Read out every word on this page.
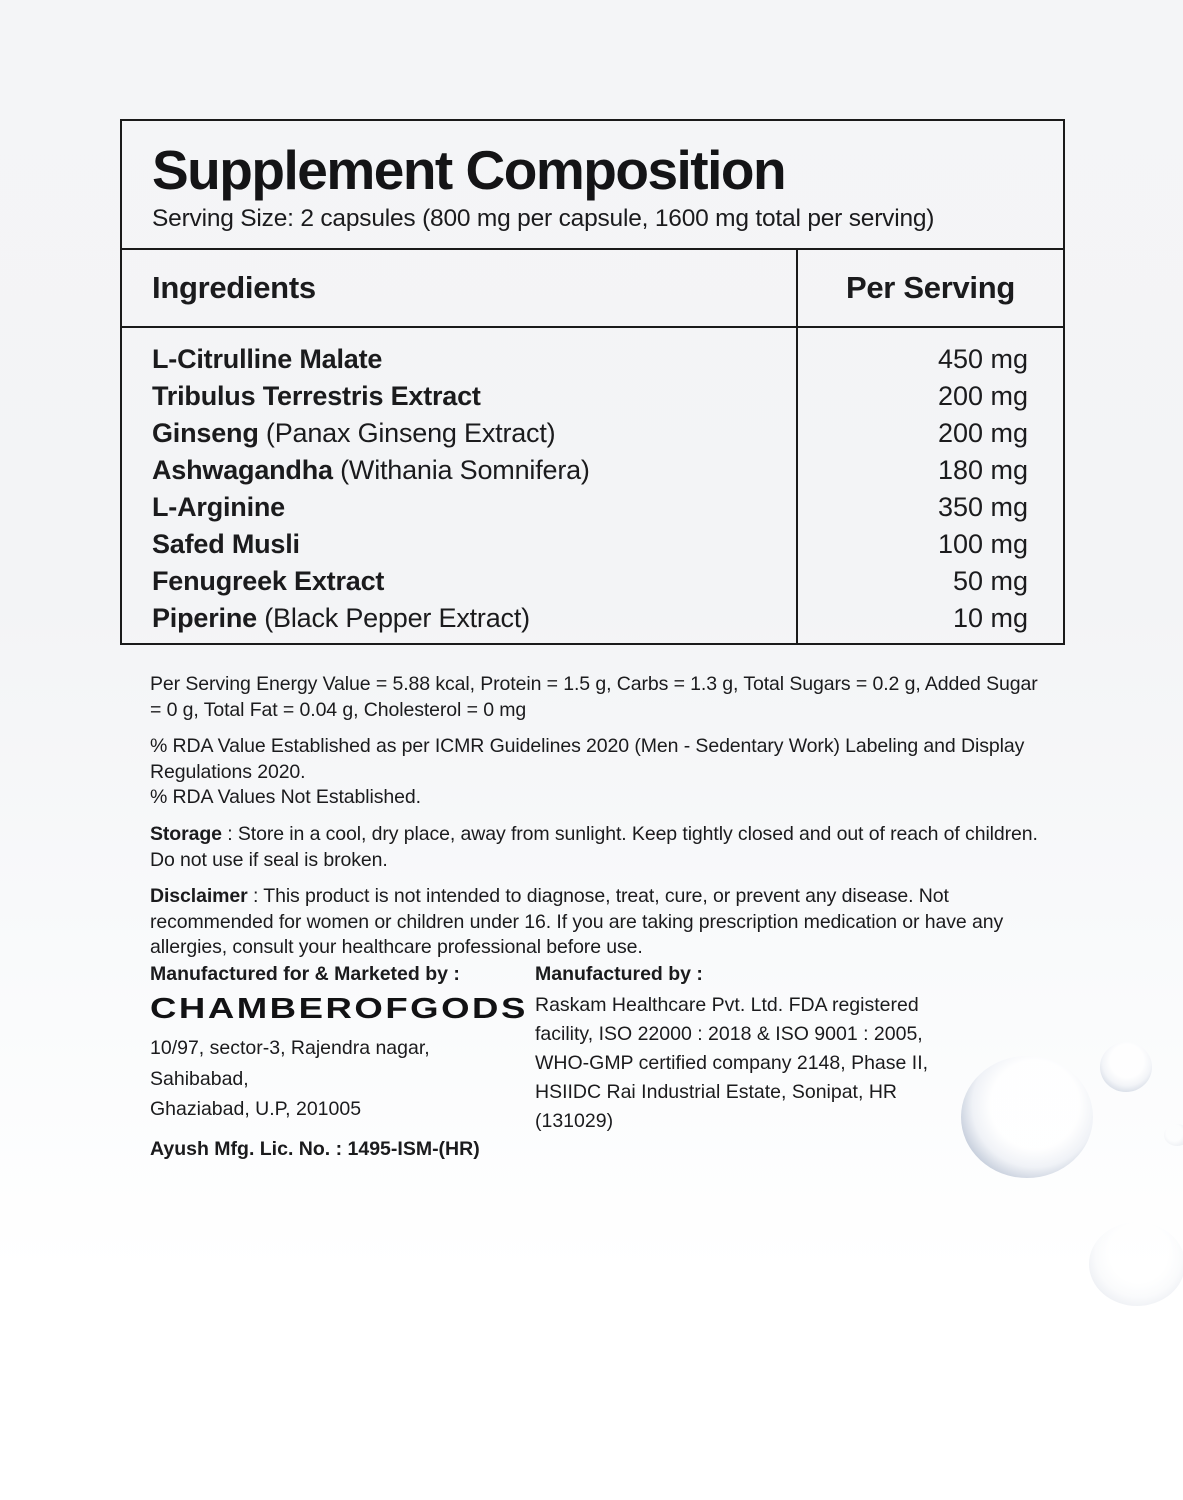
Supplement Composition
Serving Size: 2 capsules (800 mg per capsule, 1600 mg total per serving)
Ingredients	Per Serving
L-Citrulline Malate
Tribulus Terrestris Extract
Ginseng (Panax Ginseng Extract)
Ashwagandha (Withania Somnifera)
L-Arginine
Safed Musli
Fenugreek Extract
Piperine (Black Pepper Extract)
450 mg
200 mg
200 mg
180 mg
350 mg
100 mg
50 mg
10 mg

Per Serving Energy Value = 5.88 kcal, Protein = 1.5 g, Carbs = 1.3 g, Total Sugars = 0.2 g, Added Sugar = 0 g, Total Fat = 0.04 g, Cholesterol = 0 mg

% RDA Value Established as per ICMR Guidelines 2020 (Men - Sedentary Work) Labeling and Display Regulations 2020.
% RDA Values Not Established.

Storage : Store in a cool, dry place, away from sunlight. Keep tightly closed and out of reach of children. Do not use if seal is broken.

Disclaimer : This product is not intended to diagnose, treat, cure, or prevent any disease. Not recommended for women or children under 16. If you are taking prescription medication or have any allergies, consult your healthcare professional before use.

Manufactured for & Marketed by :
CHAMBEROFGODS
10/97, sector-3, Rajendra nagar,
Sahibabad,
Ghaziabad, U.P, 201005
Ayush Mfg. Lic. No. : 1495-ISM-(HR)
Manufactured by :
Raskam Healthcare Pvt. Ltd. FDA registered facility, ISO 22000 : 2018 & ISO 9001 : 2005, WHO-GMP certified company 2148, Phase II, HSIIDC Rai Industrial Estate, Sonipat, HR (131029)
